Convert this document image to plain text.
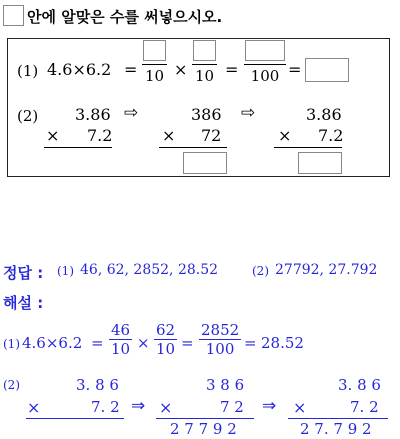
안에 알맞은 수를 써넣으시오.
(1) 4.6×6.2 = 10 × 10 = 100 =
(2) 3.86
× 7.2
⇨	386
× 72
⇨	3.86
× 7.2
정답 : (1) 46, 62, 2852, 28.52	(2) 27792, 27.792
해설 :
(1) $4.6\times 6.2 = \frac{46}{10} \times \frac{62}{10} = \frac{2852}{100} = 28.52$
(2)	3. 8 6
×	7. 2 ⇒
3 8 6
×	7 2
2 7 7 9 2
⇒
3. 8 6
×	7. 2
2 7. 7 9 2
